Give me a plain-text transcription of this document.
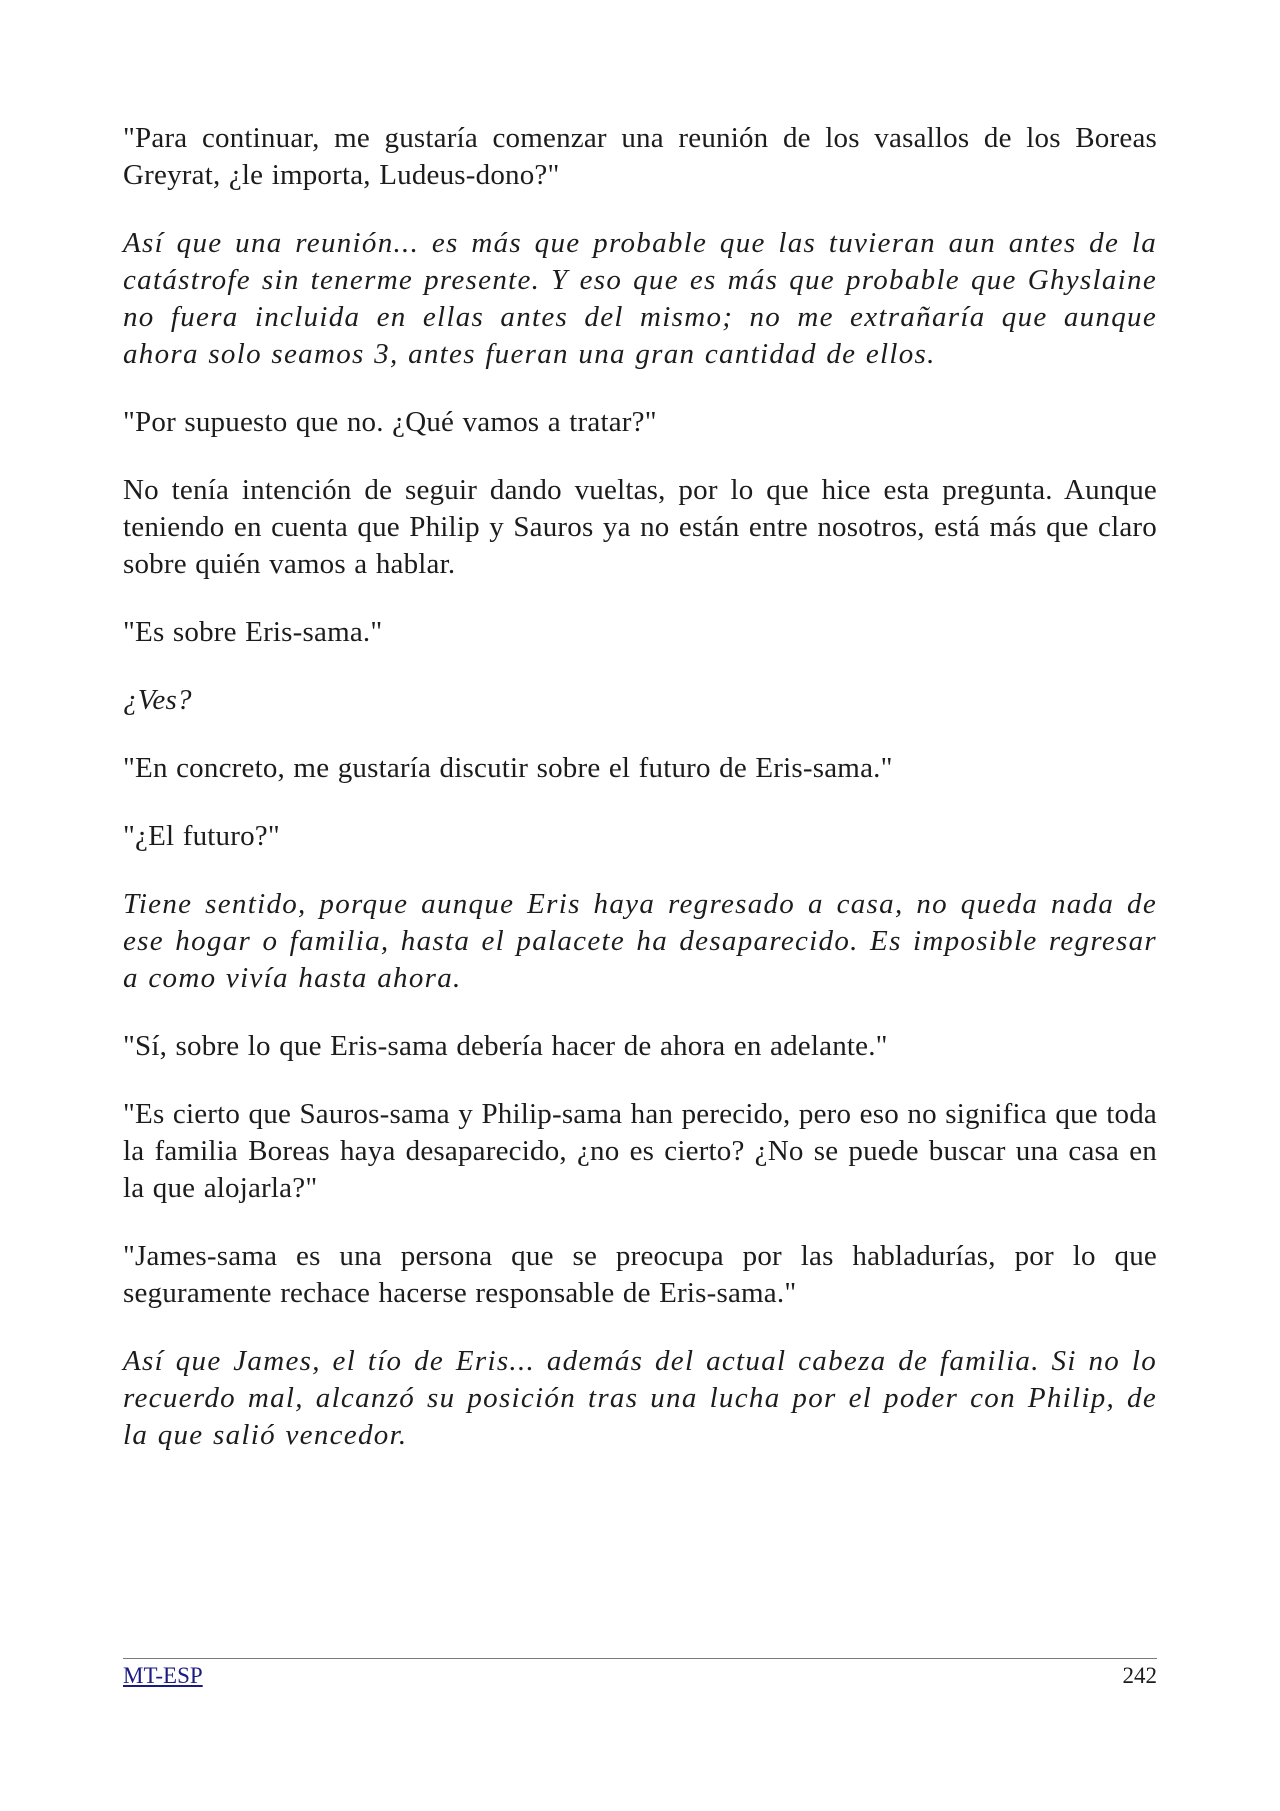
"Para continuar, me gustaría comenzar una reunión de los vasallos de los Boreas Greyrat, ¿le importa, Ludeus-dono?"

Así que una reunión... es más que probable que las tuvieran aun antes de la catástrofe sin tenerme presente. Y eso que es más que probable que Ghyslaine no fuera incluida en ellas antes del mismo; no me extrañaría que aunque ahora solo seamos 3, antes fueran una gran cantidad de ellos.

"Por supuesto que no. ¿Qué vamos a tratar?"

No tenía intención de seguir dando vueltas, por lo que hice esta pregunta. Aunque teniendo en cuenta que Philip y Sauros ya no están entre nosotros, está más que claro sobre quién vamos a hablar.

"Es sobre Eris-sama."

¿Ves?

"En concreto, me gustaría discutir sobre el futuro de Eris-sama."

"¿El futuro?"

Tiene sentido, porque aunque Eris haya regresado a casa, no queda nada de ese hogar o familia, hasta el palacete ha desaparecido. Es imposible regresar a como vivía hasta ahora.

"Sí, sobre lo que Eris-sama debería hacer de ahora en adelante."

"Es cierto que Sauros-sama y Philip-sama han perecido, pero eso no significa que toda la familia Boreas haya desaparecido, ¿no es cierto? ¿No se puede buscar una casa en la que alojarla?"

"James-sama es una persona que se preocupa por las habladurías, por lo que seguramente rechace hacerse responsable de Eris-sama."

Así que James, el tío de Eris... además del actual cabeza de familia. Si no lo recuerdo mal, alcanzó su posición tras una lucha por el poder con Philip, de la que salió vencedor.

MT-ESP	242
